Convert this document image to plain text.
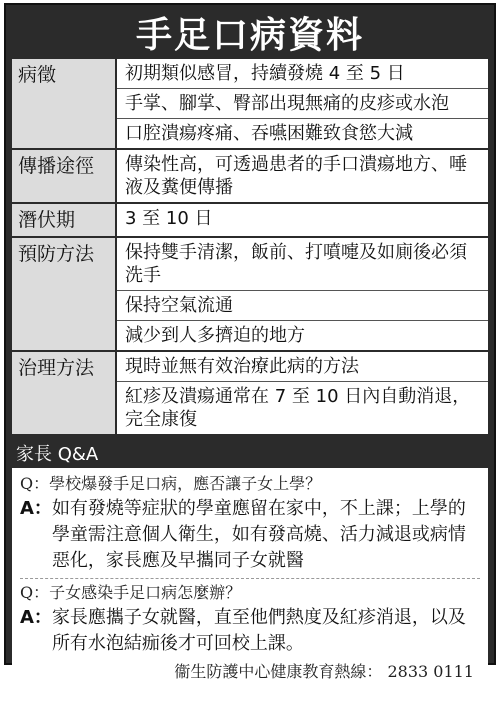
手足口病資料
病徵	初期類似感冒，持續發燒 4 至 5 日
手掌、腳掌、臀部出現無痛的皮疹或水泡
口腔潰瘍疼痛、吞嚥困難致食慾大減
傳播途徑	傳染性高，可透過患者的手口潰瘍地方、唾液及糞便傳播
潛伏期	3 至 10 日
預防方法	保持雙手清潔，飯前、打噴嚏及如廁後必須洗手
保持空氣流通
減少到人多擠迫的地方
治理方法	現時並無有效治療此病的方法
紅疹及潰瘍通常在 7 至 10 日內自動消退，完全康復
家長 Q&A
Q：學校爆發手足口病，應否讓子女上學？
A： 如有發燒等症狀的學童應留在家中，不上課；上學的學童需注意個人衛生，如有發高燒、活力減退或病情惡化，家長應及早攜同子女就醫
Q：子女感染手足口病怎麼辦？
A： 家長應攜子女就醫，直至他們熱度及紅疹消退，以及所有水泡結痂後才可回校上課。
衞生防護中心健康教育熱線： 2833 0111
資料來源：衞生防護中心及傳染病專科醫生勞永樂
